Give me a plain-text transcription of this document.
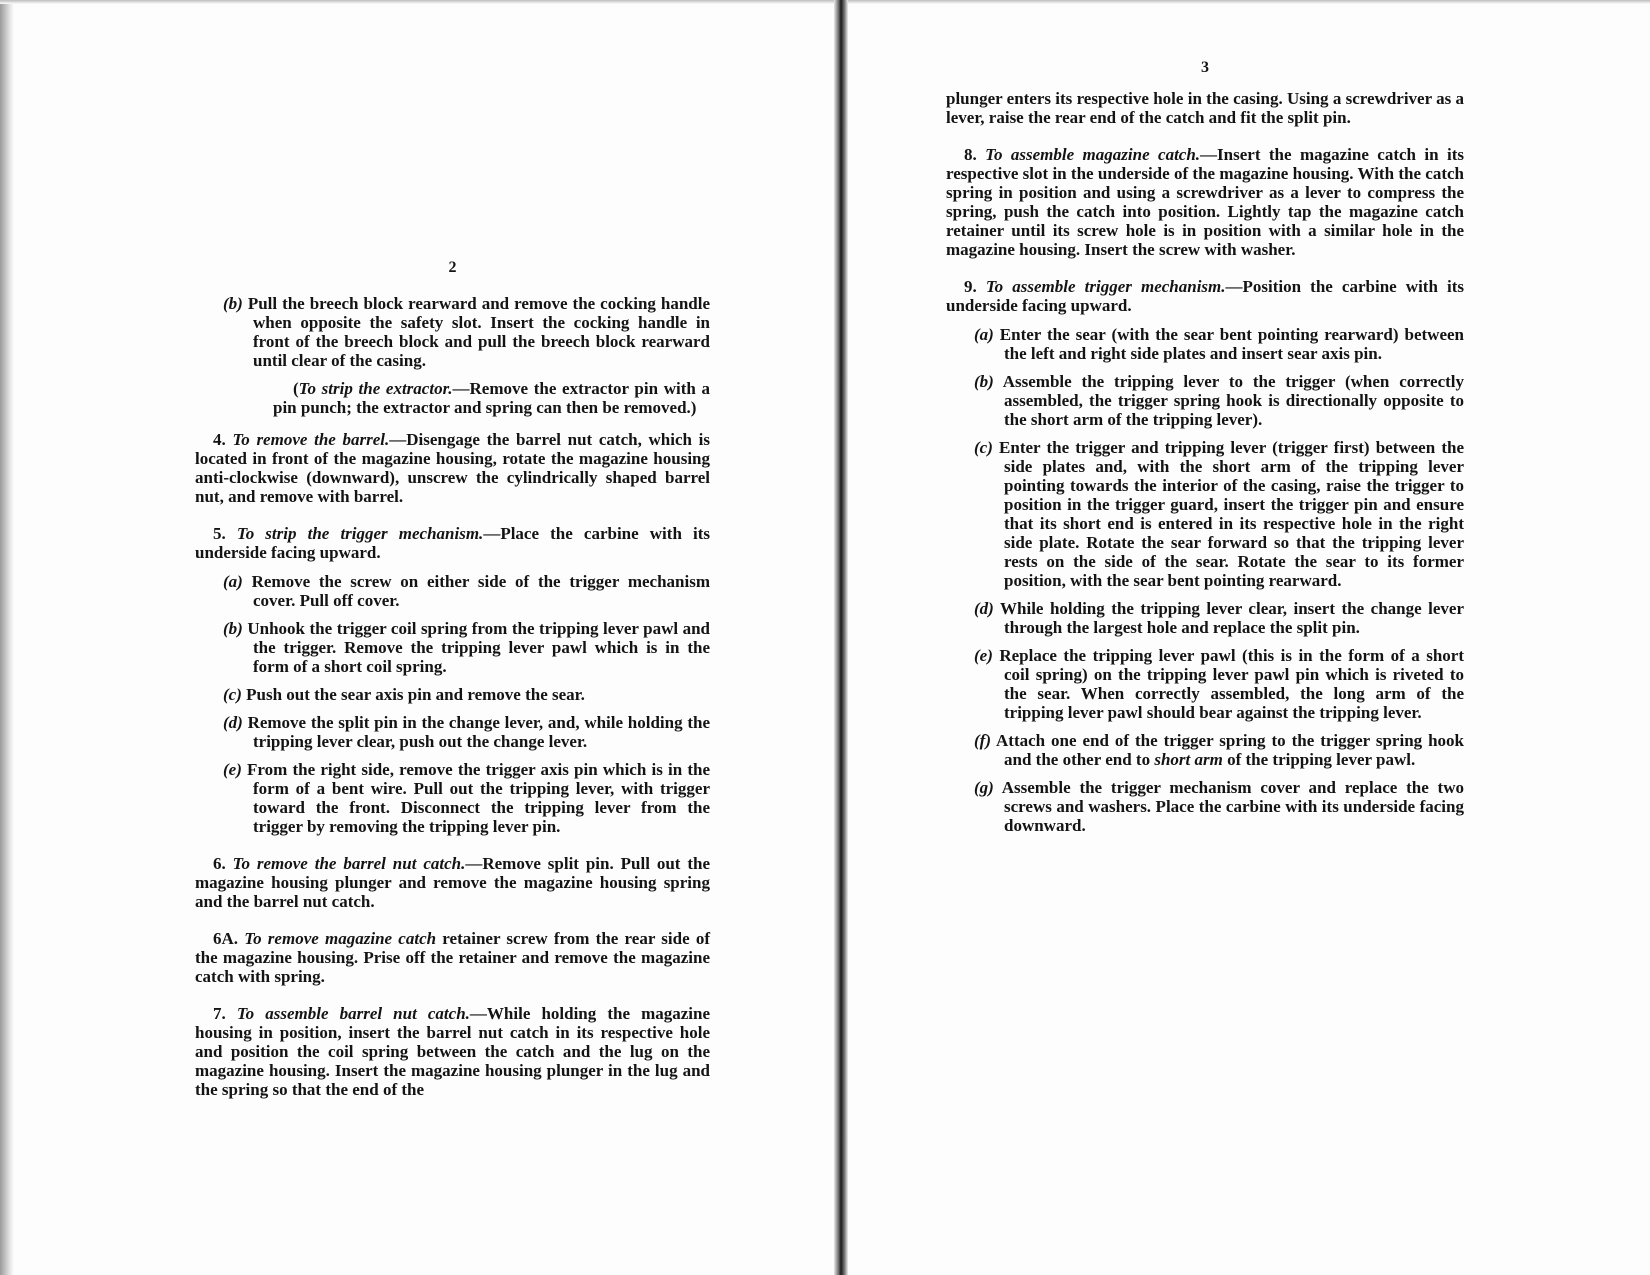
2

(b) Pull the breech block rearward and remove the cocking handle when opposite the safety slot. Insert the cocking handle in front of the breech block and pull the breech block rearward until clear of the casing.

(To strip the extractor.—Remove the extractor pin with a pin punch; the extractor and spring can then be removed.)

4. To remove the barrel.—Disengage the barrel nut catch, which is located in front of the magazine housing, rotate the magazine housing anti-clockwise (downward), unscrew the cylindrically shaped barrel nut, and remove with barrel.

5. To strip the trigger mechanism.—Place the carbine with its underside facing upward.

(a) Remove the screw on either side of the trigger mechanism cover. Pull off cover.

(b) Unhook the trigger coil spring from the tripping lever pawl and the trigger. Remove the tripping lever pawl which is in the form of a short coil spring.

(c) Push out the sear axis pin and remove the sear.

(d) Remove the split pin in the change lever, and, while holding the tripping lever clear, push out the change lever.

(e) From the right side, remove the trigger axis pin which is in the form of a bent wire. Pull out the tripping lever, with trigger toward the front. Disconnect the tripping lever from the trigger by removing the tripping lever pin.

6. To remove the barrel nut catch.—Remove split pin. Pull out the magazine housing plunger and remove the magazine housing spring and the barrel nut catch.

6A. To remove magazine catch retainer screw from the rear side of the magazine housing. Prise off the retainer and remove the magazine catch with spring.

7. To assemble barrel nut catch.—While holding the magazine housing in position, insert the barrel nut catch in its respective hole and position the coil spring between the catch and the lug on the magazine housing. Insert the magazine housing plunger in the lug and the spring so that the end of the

3

plunger enters its respective hole in the casing. Using a screwdriver as a lever, raise the rear end of the catch and fit the split pin.

8. To assemble magazine catch.—Insert the magazine catch in its respective slot in the underside of the magazine housing. With the catch spring in position and using a screwdriver as a lever to compress the spring, push the catch into position. Lightly tap the magazine catch retainer until its screw hole is in position with a similar hole in the magazine housing. Insert the screw with washer.

9. To assemble trigger mechanism.—Position the carbine with its underside facing upward.

(a) Enter the sear (with the sear bent pointing rearward) between the left and right side plates and insert sear axis pin.

(b) Assemble the tripping lever to the trigger (when correctly assembled, the trigger spring hook is directionally opposite to the short arm of the tripping lever).

(c) Enter the trigger and tripping lever (trigger first) between the side plates and, with the short arm of the tripping lever pointing towards the interior of the casing, raise the trigger to position in the trigger guard, insert the trigger pin and ensure that its short end is entered in its respective hole in the right side plate. Rotate the sear forward so that the tripping lever rests on the side of the sear. Rotate the sear to its former position, with the sear bent pointing rearward.

(d) While holding the tripping lever clear, insert the change lever through the largest hole and replace the split pin.

(e) Replace the tripping lever pawl (this is in the form of a short coil spring) on the tripping lever pawl pin which is riveted to the sear. When correctly assembled, the long arm of the tripping lever pawl should bear against the tripping lever.

(f) Attach one end of the trigger spring to the trigger spring hook and the other end to short arm of the tripping lever pawl.

(g) Assemble the trigger mechanism cover and replace the two screws and washers. Place the carbine with its underside facing downward.
